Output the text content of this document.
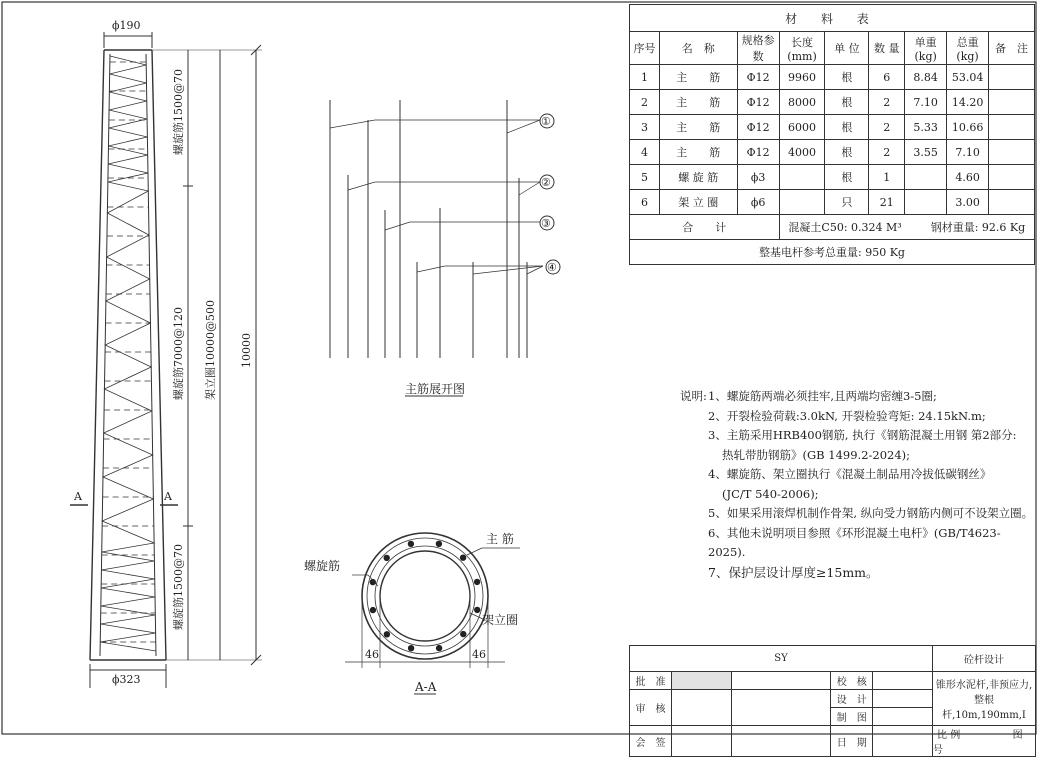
ϕ190
ϕ323
螺旋筋1500@70
螺旋筋7000@120
螺旋筋1500@70
架立圈10000@500 10000
A	A
①
②
③
④
主筋展开图
螺旋筋
主 筋
架立圈
46	46
A-A
材 料 表								
序号	名　称	规格参数	长度(mm)	单 位	数 量	单重(kg)	总重(kg)	备　注
1	主　　筋	Φ12	9960	根	6	8.84	53.04	
2	主　　筋	Φ12	8000	根	2	7.10	14.20	
3	主　　筋	Φ12	6000	根	2	5.33	10.66	
4	主　　筋	Φ12	4000	根	2	3.55	7.10	
5	螺 旋 筋	ϕ3		根	1		4.60	
6	架 立 圈	ϕ6		只	21		3.00	
合　　计			混凝土C50: 0.324 M³ 钢材重量: 92.6 Kg					
整基电杆参考总重量: 950 Kg								
说明: 1、螺旋筋两端必须挂牢,且两端均密缠3-5圈;
2、开裂检验荷载:3.0kN, 开裂检验弯矩: 24.15kN.m;
3、主筋采用HRB400钢筋, 执行《钢筋混凝土用钢 第2部分:
热轧带肋钢筋》(GB 1499.2-2024);
4、螺旋筋、架立圈执行《混凝土制品用冷拔低碳钢丝》
(JC/T 540-2006);
5、如果采用滚焊机制作骨架, 纵向受力钢筋内侧可不设架立圈。
6、其他未说明项目参照《环形混凝土电杆》(GB/T4623-2025).
7、保护层设计厚度≥15mm。
SY					砼杆设计
批　准			校　核		锥形水泥杆,非预应力,整根杆,10m,190mm,I
审　核			设　计		
			制　图		
会　签			日　期		比 例 图 号
